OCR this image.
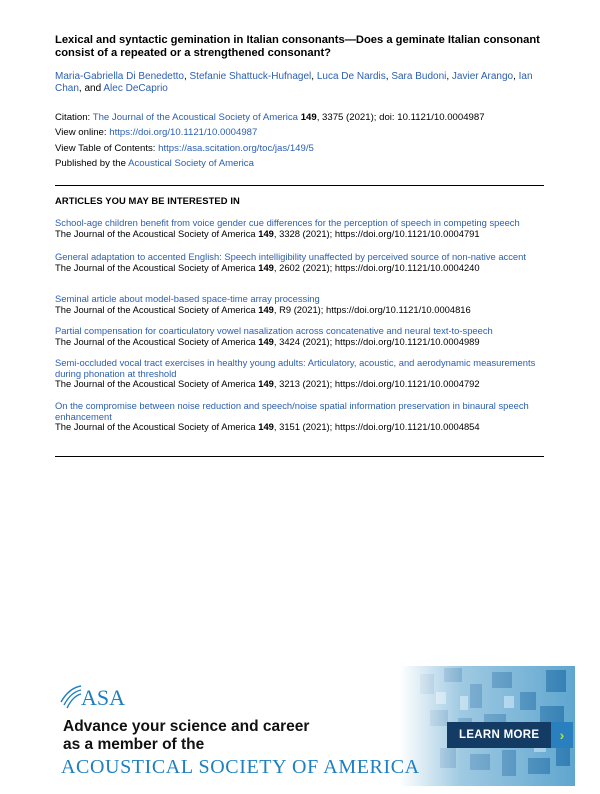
Lexical and syntactic gemination in Italian consonants—Does a geminate Italian consonant consist of a repeated or a strengthened consonant?
Maria-Gabriella Di Benedetto, Stefanie Shattuck-Hufnagel, Luca De Nardis, Sara Budoni, Javier Arango, Ian Chan, and Alec DeCaprio
Citation: The Journal of the Acoustical Society of America 149, 3375 (2021); doi: 10.1121/10.0004987
View online: https://doi.org/10.1121/10.0004987
View Table of Contents: https://asa.scitation.org/toc/jas/149/5
Published by the Acoustical Society of America
ARTICLES YOU MAY BE INTERESTED IN
School-age children benefit from voice gender cue differences for the perception of speech in competing speech
The Journal of the Acoustical Society of America 149, 3328 (2021); https://doi.org/10.1121/10.0004791
General adaptation to accented English: Speech intelligibility unaffected by perceived source of non-native accent
The Journal of the Acoustical Society of America 149, 2602 (2021); https://doi.org/10.1121/10.0004240
Seminal article about model-based space-time array processing
The Journal of the Acoustical Society of America 149, R9 (2021); https://doi.org/10.1121/10.0004816
Partial compensation for coarticulatory vowel nasalization across concatenative and neural text-to-speech
The Journal of the Acoustical Society of America 149, 3424 (2021); https://doi.org/10.1121/10.0004989
Semi-occluded vocal tract exercises in healthy young adults: Articulatory, acoustic, and aerodynamic measurements during phonation at threshold
The Journal of the Acoustical Society of America 149, 3213 (2021); https://doi.org/10.1121/10.0004792
On the compromise between noise reduction and speech/noise spatial information preservation in binaural speech enhancement
The Journal of the Acoustical Society of America 149, 3151 (2021); https://doi.org/10.1121/10.0004854
ASA
Advance your science and career
as a member of the
ACOUSTICAL SOCIETY OF AMERICA
LEARN MORE	›
